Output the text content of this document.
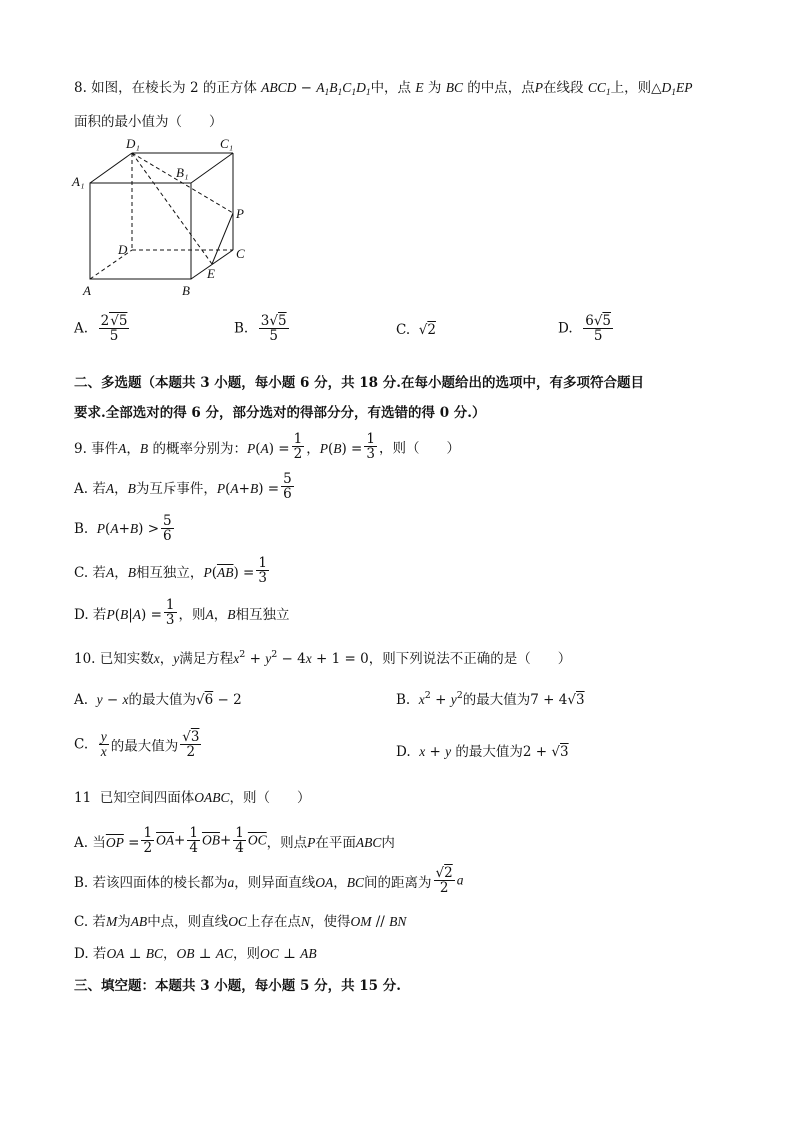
8. 如图，在棱长为 2 的正方体 ABCD − $A_1B_1C_1D_1$中，点 E 为 BC 的中点，点P在线段 $CC_1$上，则$\triangle D_1EP$
面积的最小值为（　　）
D₁	C₁
A₁
B₁
P
D	C
E
A	B
A. $\frac{2√5}{5}$	B. $\frac{3√5}{5}$	C.  √2	D. $\frac{6√5}{5}$
二、多选题（本题共 3 小题，每小题 6 分，共 18 分.在每小题给出的选项中，有多项符合题目
要求.全部选对的得 6 分，部分选对的得部分分，有选错的得 0 分.）
9. 事件A，B 的概率分别为：$P(A) = \frac{1}{2}$ ，$P(B) = \frac{1}{3}$ ，则（　　）
A. 若A，B为互斥事件，$P(A+B) = \frac{5}{6}$
B.  $P(A+B) > \frac{5}{6}$
C. 若A，B相互独立，$P(\overline{AB}) = \frac{1}{3}$
D. 若$P(B|A) = \frac{1}{3}$ ，则A，B相互独立
10. 已知实数x，y满足方程$x^2 + y^2 - 4x + 1 = 0$，则下列说法不正确的是（　　）
A.  y − x的最大值为√6 − 2	B.  $x^2 + y^2$的最大值为7 + 4√3
C. $\frac{y}{x}$ 的最大值为 $\frac{√3}{2}$	D.  x + y 的最大值为2 + √3
11  已知空间四面体OABC，则（　　）
A. 当$\overline{OP} = \frac{1}{2} \overline{OA}+ \frac{1}{4} \overline{OB}+ \frac{1}{4} \overline{OC}$，则点P在平面ABC内
B. 若该四面体的棱长都为a，则异面直线OA，BC间的距离为 $\frac{√2}{2}$ a
C. 若M为AB中点，则直线OC上存在点N，使得OM // BN
D. 若OA ⊥ BC，OB ⊥ AC，则OC ⊥ AB
三、填空题：本题共 3 小题，每小题 5 分，共 15 分.
